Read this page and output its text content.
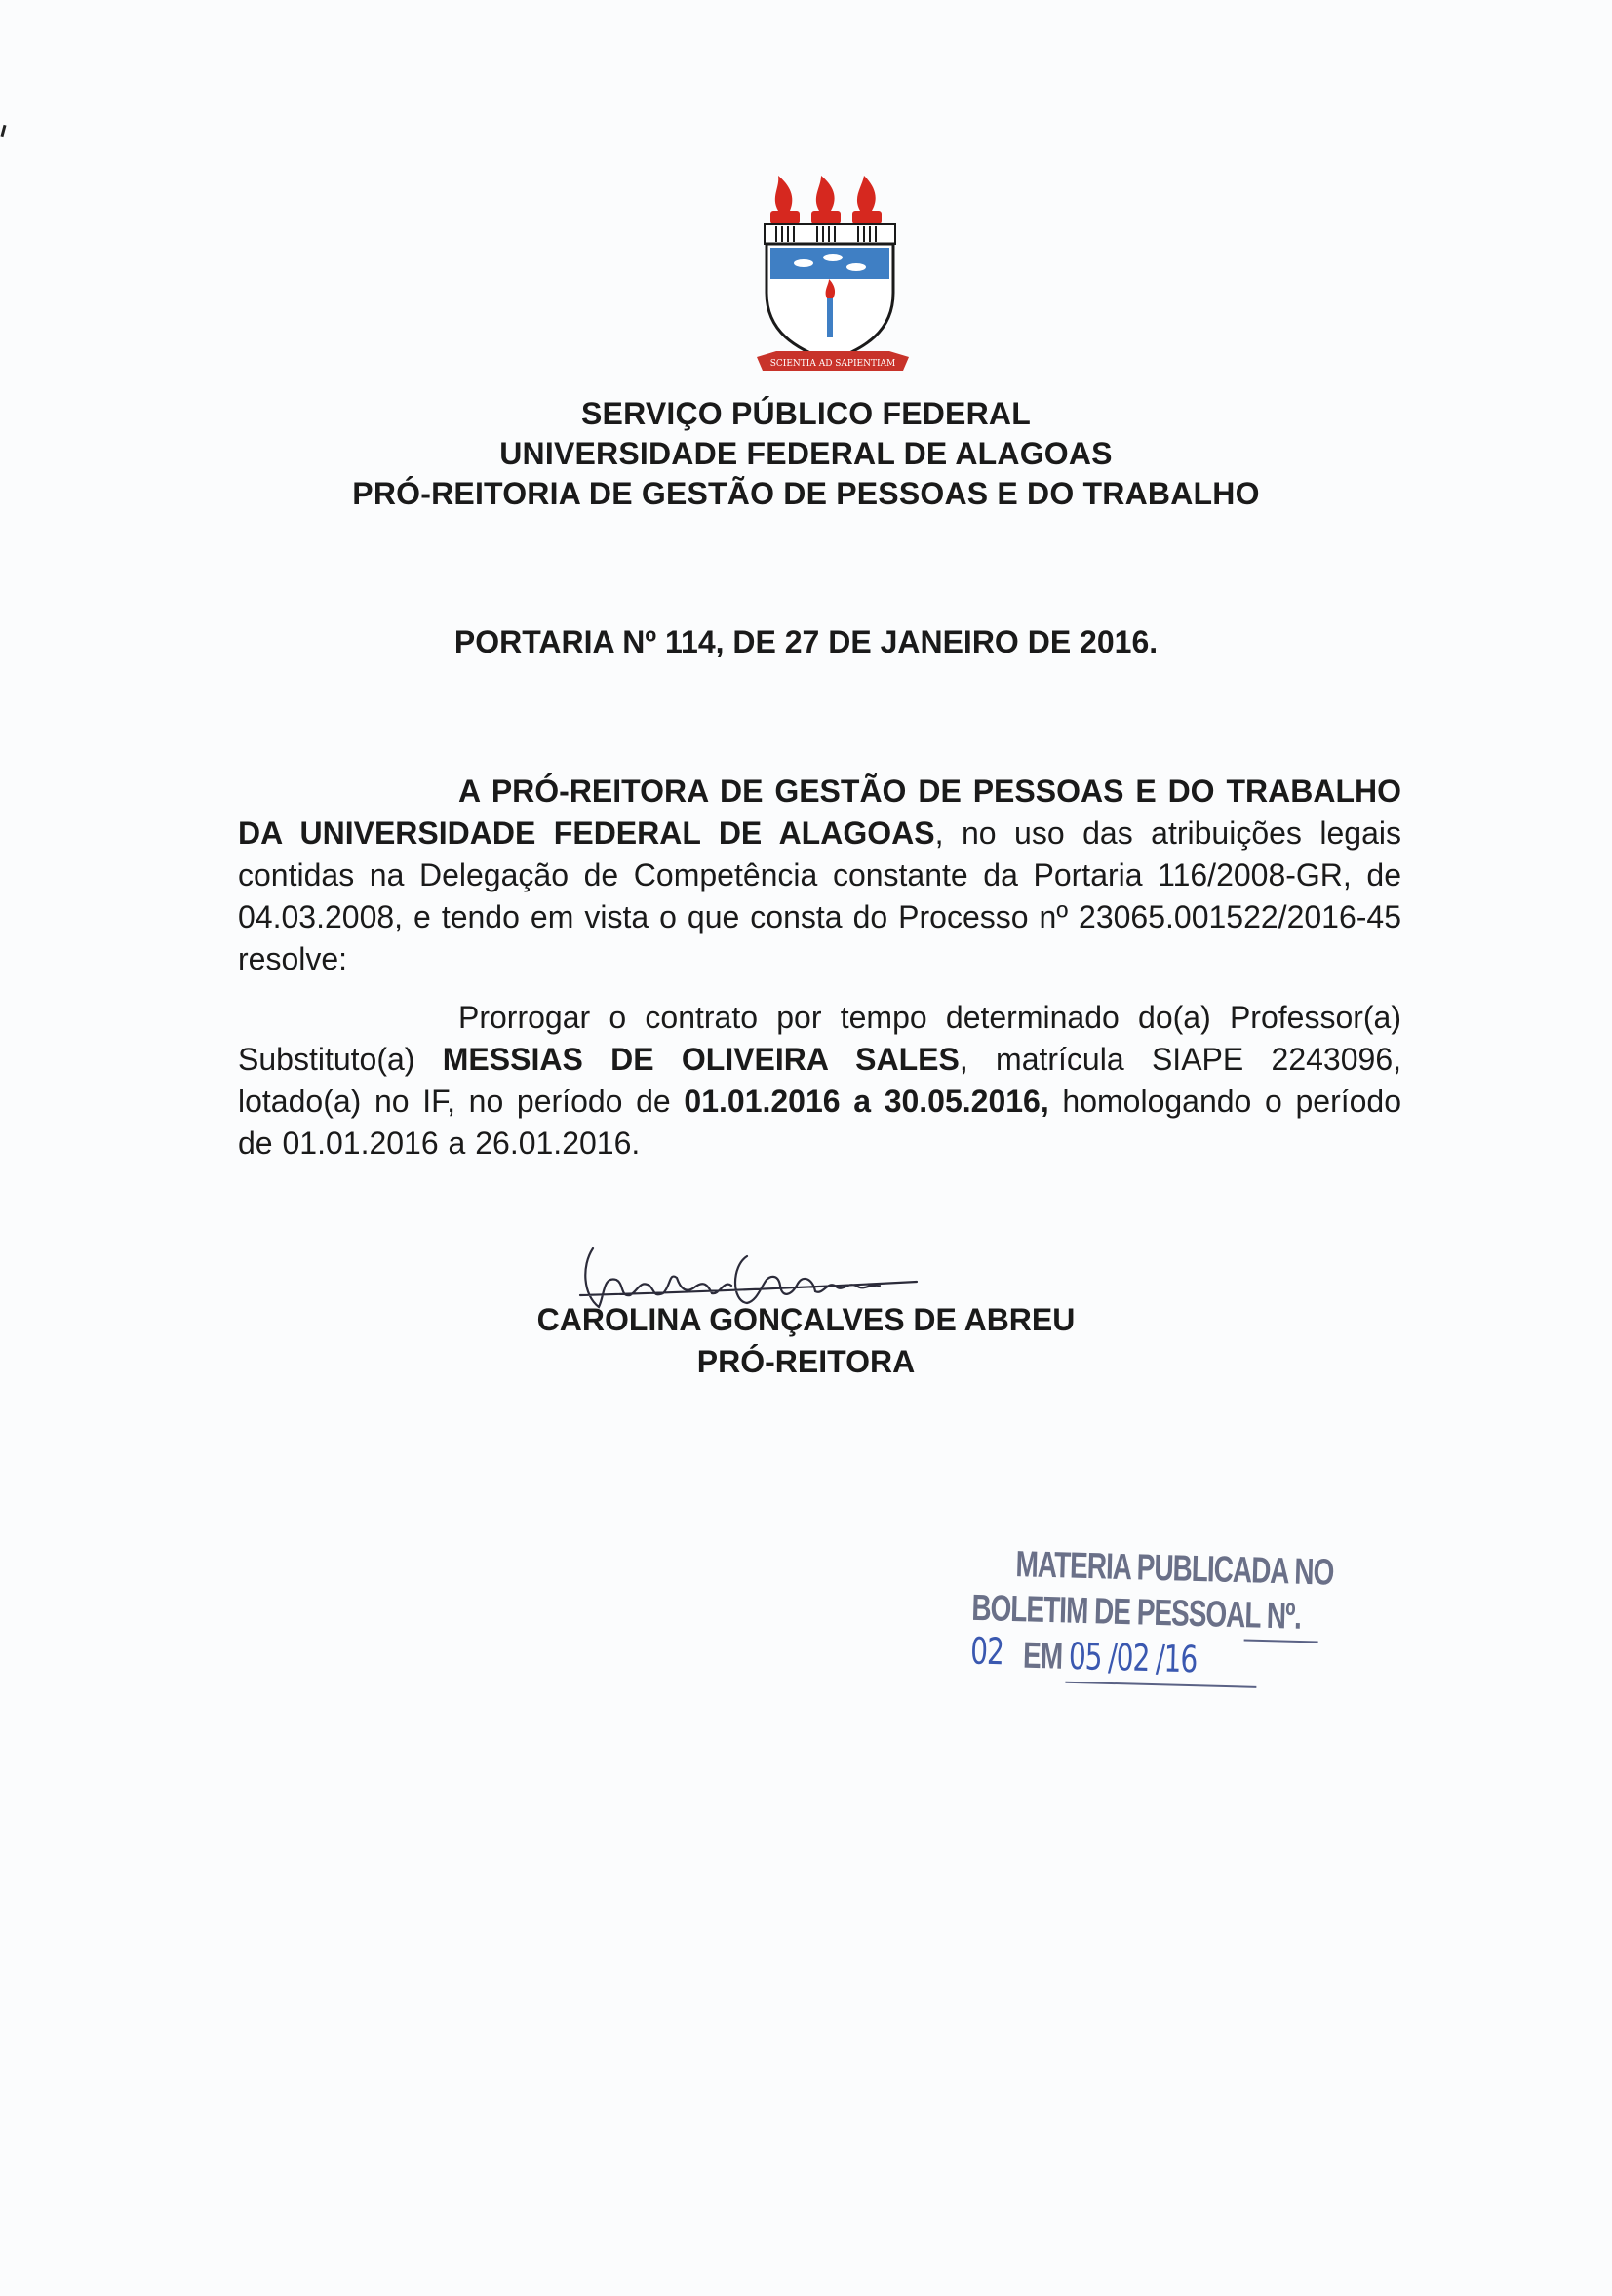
SCIENTIA AD SAPIENTIAM
SERVIÇO PÚBLICO FEDERAL
UNIVERSIDADE FEDERAL DE ALAGOAS
PRÓ-REITORIA DE GESTÃO DE PESSOAS E DO TRABALHO
PORTARIA Nº 114, DE 27 DE JANEIRO DE 2016.
A PRÓ-REITORA DE GESTÃO DE PESSOAS E DO TRABALHO DA UNIVERSIDADE FEDERAL DE ALAGOAS, no uso das atribuições legais contidas na Delegação de Competência constante da Portaria 116/2008-GR, de 04.03.2008, e tendo em vista o que consta do Processo nº 23065.001522/2016-45 resolve:
Prorrogar o contrato por tempo determinado do(a) Professor(a) Substituto(a) MESSIAS DE OLIVEIRA SALES, matrícula SIAPE 2243096, lotado(a) no IF, no período de 01.01.2016 a 30.05.2016, homologando o período de 01.01.2016 a 26.01.2016.
CAROLINA GONÇALVES DE ABREU
PRÓ-REITORA
MATERIA PUBLICADA NO
BOLETIM DE PESSOAL Nº. 02 EM 05 /02 /16
